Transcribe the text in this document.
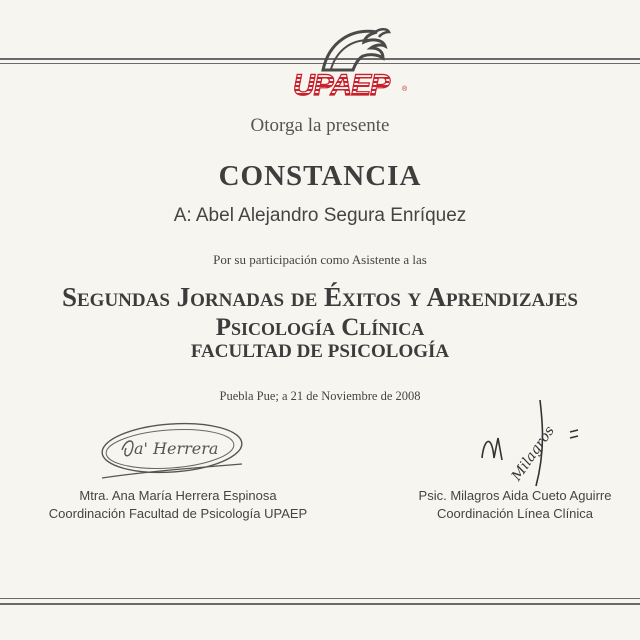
UPAEP ®
Otorga la presente
CONSTANCIA
A: Abel Alejandro Segura Enríquez
Por su participación como Asistente a las
Segundas Jornadas de Éxitos y Aprendizajes
Psicología Clínica
FACULTAD DE PSICOLOGÍA
Puebla Pue; a 21 de Noviembre de 2008
a' Herrera	Milagros
Mtra. Ana María Herrera Espinosa
Coordinación Facultad de Psicología UPAEP
Psic. Milagros Aida Cueto Aguirre
Coordinación Línea Clínica
